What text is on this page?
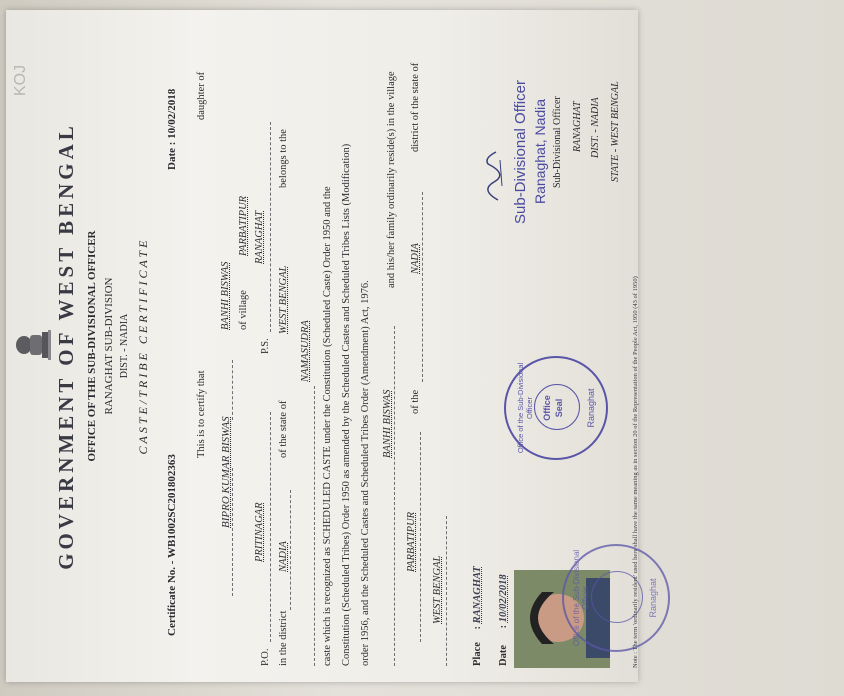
KOJ
GOVERNMENT OF WEST BENGAL OFFICE OF THE SUB-DIVISIONAL OFFICER RANAGHAT SUB-DIVISION DIST. - NADIA CASTE/TRIBE CERTIFICATE
Certificate No. - WB1002SC201802363
Date : 10/02/2018
This is to certify that
daughter of
BIPRO KUMAR BISWAS
BANHI BISWAS of village
PARBATIPUR
P.O.
PRITINAGAR
P.S.
RANAGHAT
in the district
NADIA
of the state of
WEST BENGAL
belongs to the
NAMASUDRA caste which is recognized as SCHEDULED CASTE under the Constitution (Scheduled Caste) Order 1950 and the Constitution (Scheduled Tribes) Order 1950 as amended by the Scheduled Castes and Scheduled Tribes Lists (Modification) order 1956, and the Scheduled Castes and Scheduled Tribes Order (Amendment) Act, 1976. BANHI BISWAS
and his/her family ordinarily reside(s) in the village
PARBATIPUR
of the
NADIA
district of the state of
WEST BENGAL
Place : RANAGHAT
Date : 10/02/2018	Office of the Sub-Divisional Officer	Ranaghat
Office of the Sub-Divisional Officer Office Seal Ranaghat
Sub-Divisional Officer Ranaghat, Nadia Sub-Divisional Officer RANAGHAT DIST. - NADIA STATE - WEST BENGAL
Note : The term 'ordinarily resident' used here shall have the same meaning as in section 20 of the Representation of the People Act, 1950 (43 of 1950)
